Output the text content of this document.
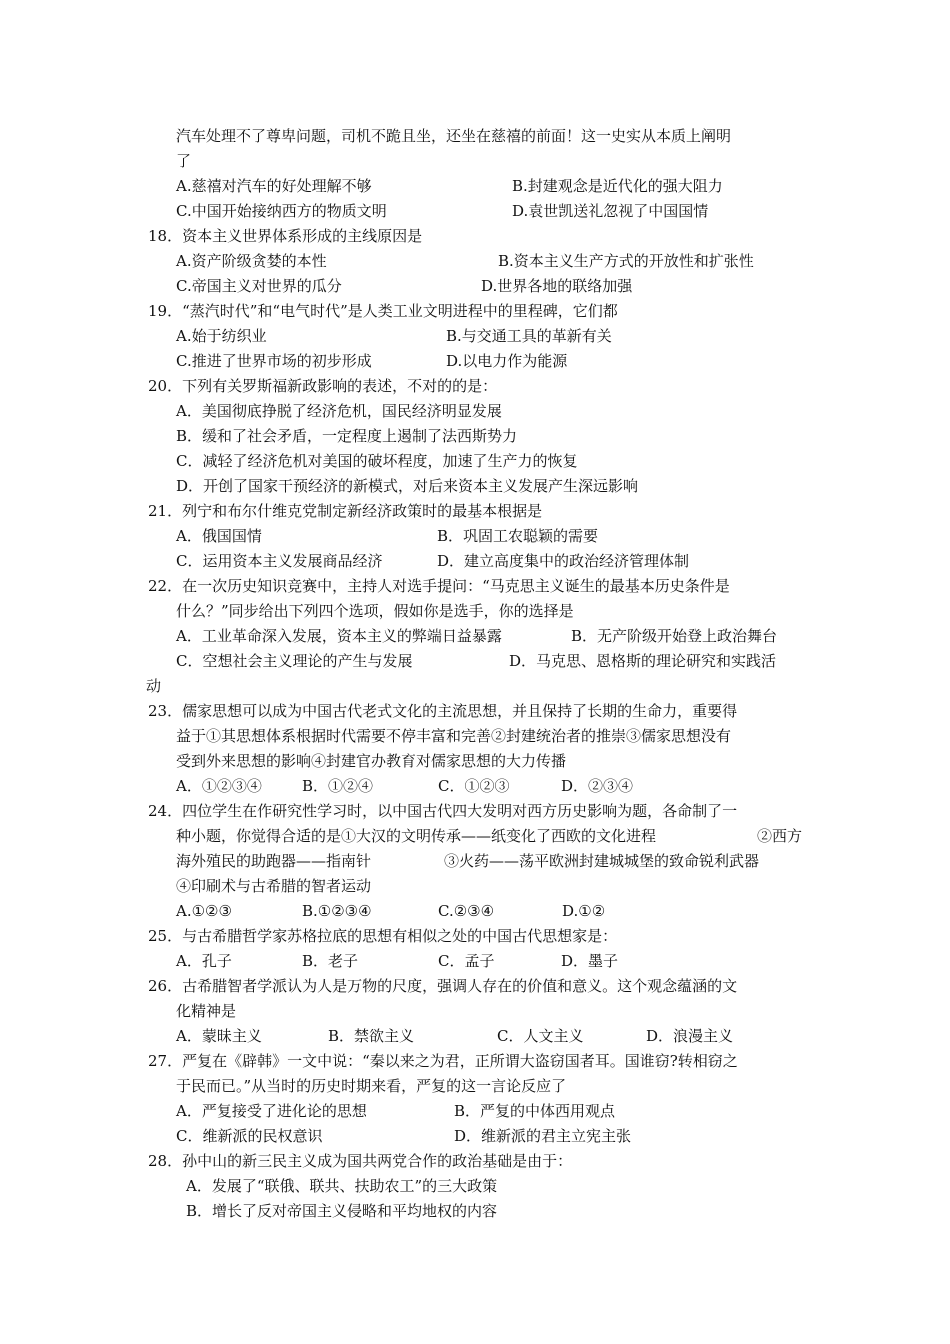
汽车处理不了尊卑问题，司机不跪且坐，还坐在慈禧的前面！这一史实从本质上阐明
了
A.慈禧对汽车的好处理解不够	B.封建观念是近代化的强大阻力
C.中国开始接纳西方的物质文明	D.袁世凯送礼忽视了中国国情
18．资本主义世界体系形成的主线原因是
A.资产阶级贪婪的本性	B.资本主义生产方式的开放性和扩张性
C.帝国主义对世界的瓜分	D.世界各地的联络加强
19．“蒸汽时代”和“电气时代”是人类工业文明进程中的里程碑，它们都
A.始于纺织业	B.与交通工具的革新有关
C.推进了世界市场的初步形成	D.以电力作为能源
20．下列有关罗斯福新政影响的表述，不对的的是：
A．美国彻底挣脱了经济危机，国民经济明显发展
B．缓和了社会矛盾，一定程度上遏制了法西斯势力
C．减轻了经济危机对美国的破坏程度，加速了生产力的恢复
D．开创了国家干预经济的新模式，对后来资本主义发展产生深远影响
21．列宁和布尔什维克党制定新经济政策时的最基本根据是
A．俄国国情	B．巩固工农聪颖的需要
C．运用资本主义发展商品经济	D．建立高度集中的政治经济管理体制
22．在一次历史知识竞赛中，主持人对选手提问：“马克思主义诞生的最基本历史条件是
什么？”同步给出下列四个选项，假如你是选手，你的选择是
A．工业革命深入发展，资本主义的弊端日益暴露	B．无产阶级开始登上政治舞台
C．空想社会主义理论的产生与发展	D．马克思、恩格斯的理论研究和实践活
动
23．儒家思想可以成为中国古代老式文化的主流思想，并且保持了长期的生命力，重要得
益于①其思想体系根据时代需要不停丰富和完善②封建统治者的推崇③儒家思想没有
受到外来思想的影响④封建官办教育对儒家思想的大力传播
A．①②③④	B．①②④	C．①②③	D．②③④
24．四位学生在作研究性学习时，以中国古代四大发明对西方历史影响为题，各命制了一
种小题，你觉得合适的是①大汉的文明传承——纸变化了西欧的文化进程	②西方
海外殖民的助跑器——指南针	③火药——荡平欧洲封建城城堡的致命锐利武器
④印刷术与古希腊的智者运动
A.①②③	B.①②③④	C.②③④	D.①②
25．与古希腊哲学家苏格拉底的思想有相似之处的中国古代思想家是：
A．孔子	B．老子	C．孟子	D．墨子
26．古希腊智者学派认为人是万物的尺度，强调人存在的价值和意义。这个观念蕴涵的文
化精神是
A．蒙昧主义	B．禁欲主义	C．人文主义	D．浪漫主义
27．严复在《辟韩》一文中说：“秦以来之为君，正所谓大盗窃国者耳。国谁窃?转相窃之
于民而已。”从当时的历史时期来看，严复的这一言论反应了
A．严复接受了进化论的思想	B．严复的中体西用观点
C．维新派的民权意识	D．维新派的君主立宪主张
28．孙中山的新三民主义成为国共两党合作的政治基础是由于：
A．发展了“联俄、联共、扶助农工”的三大政策
B．增长了反对帝国主义侵略和平均地权的内容
